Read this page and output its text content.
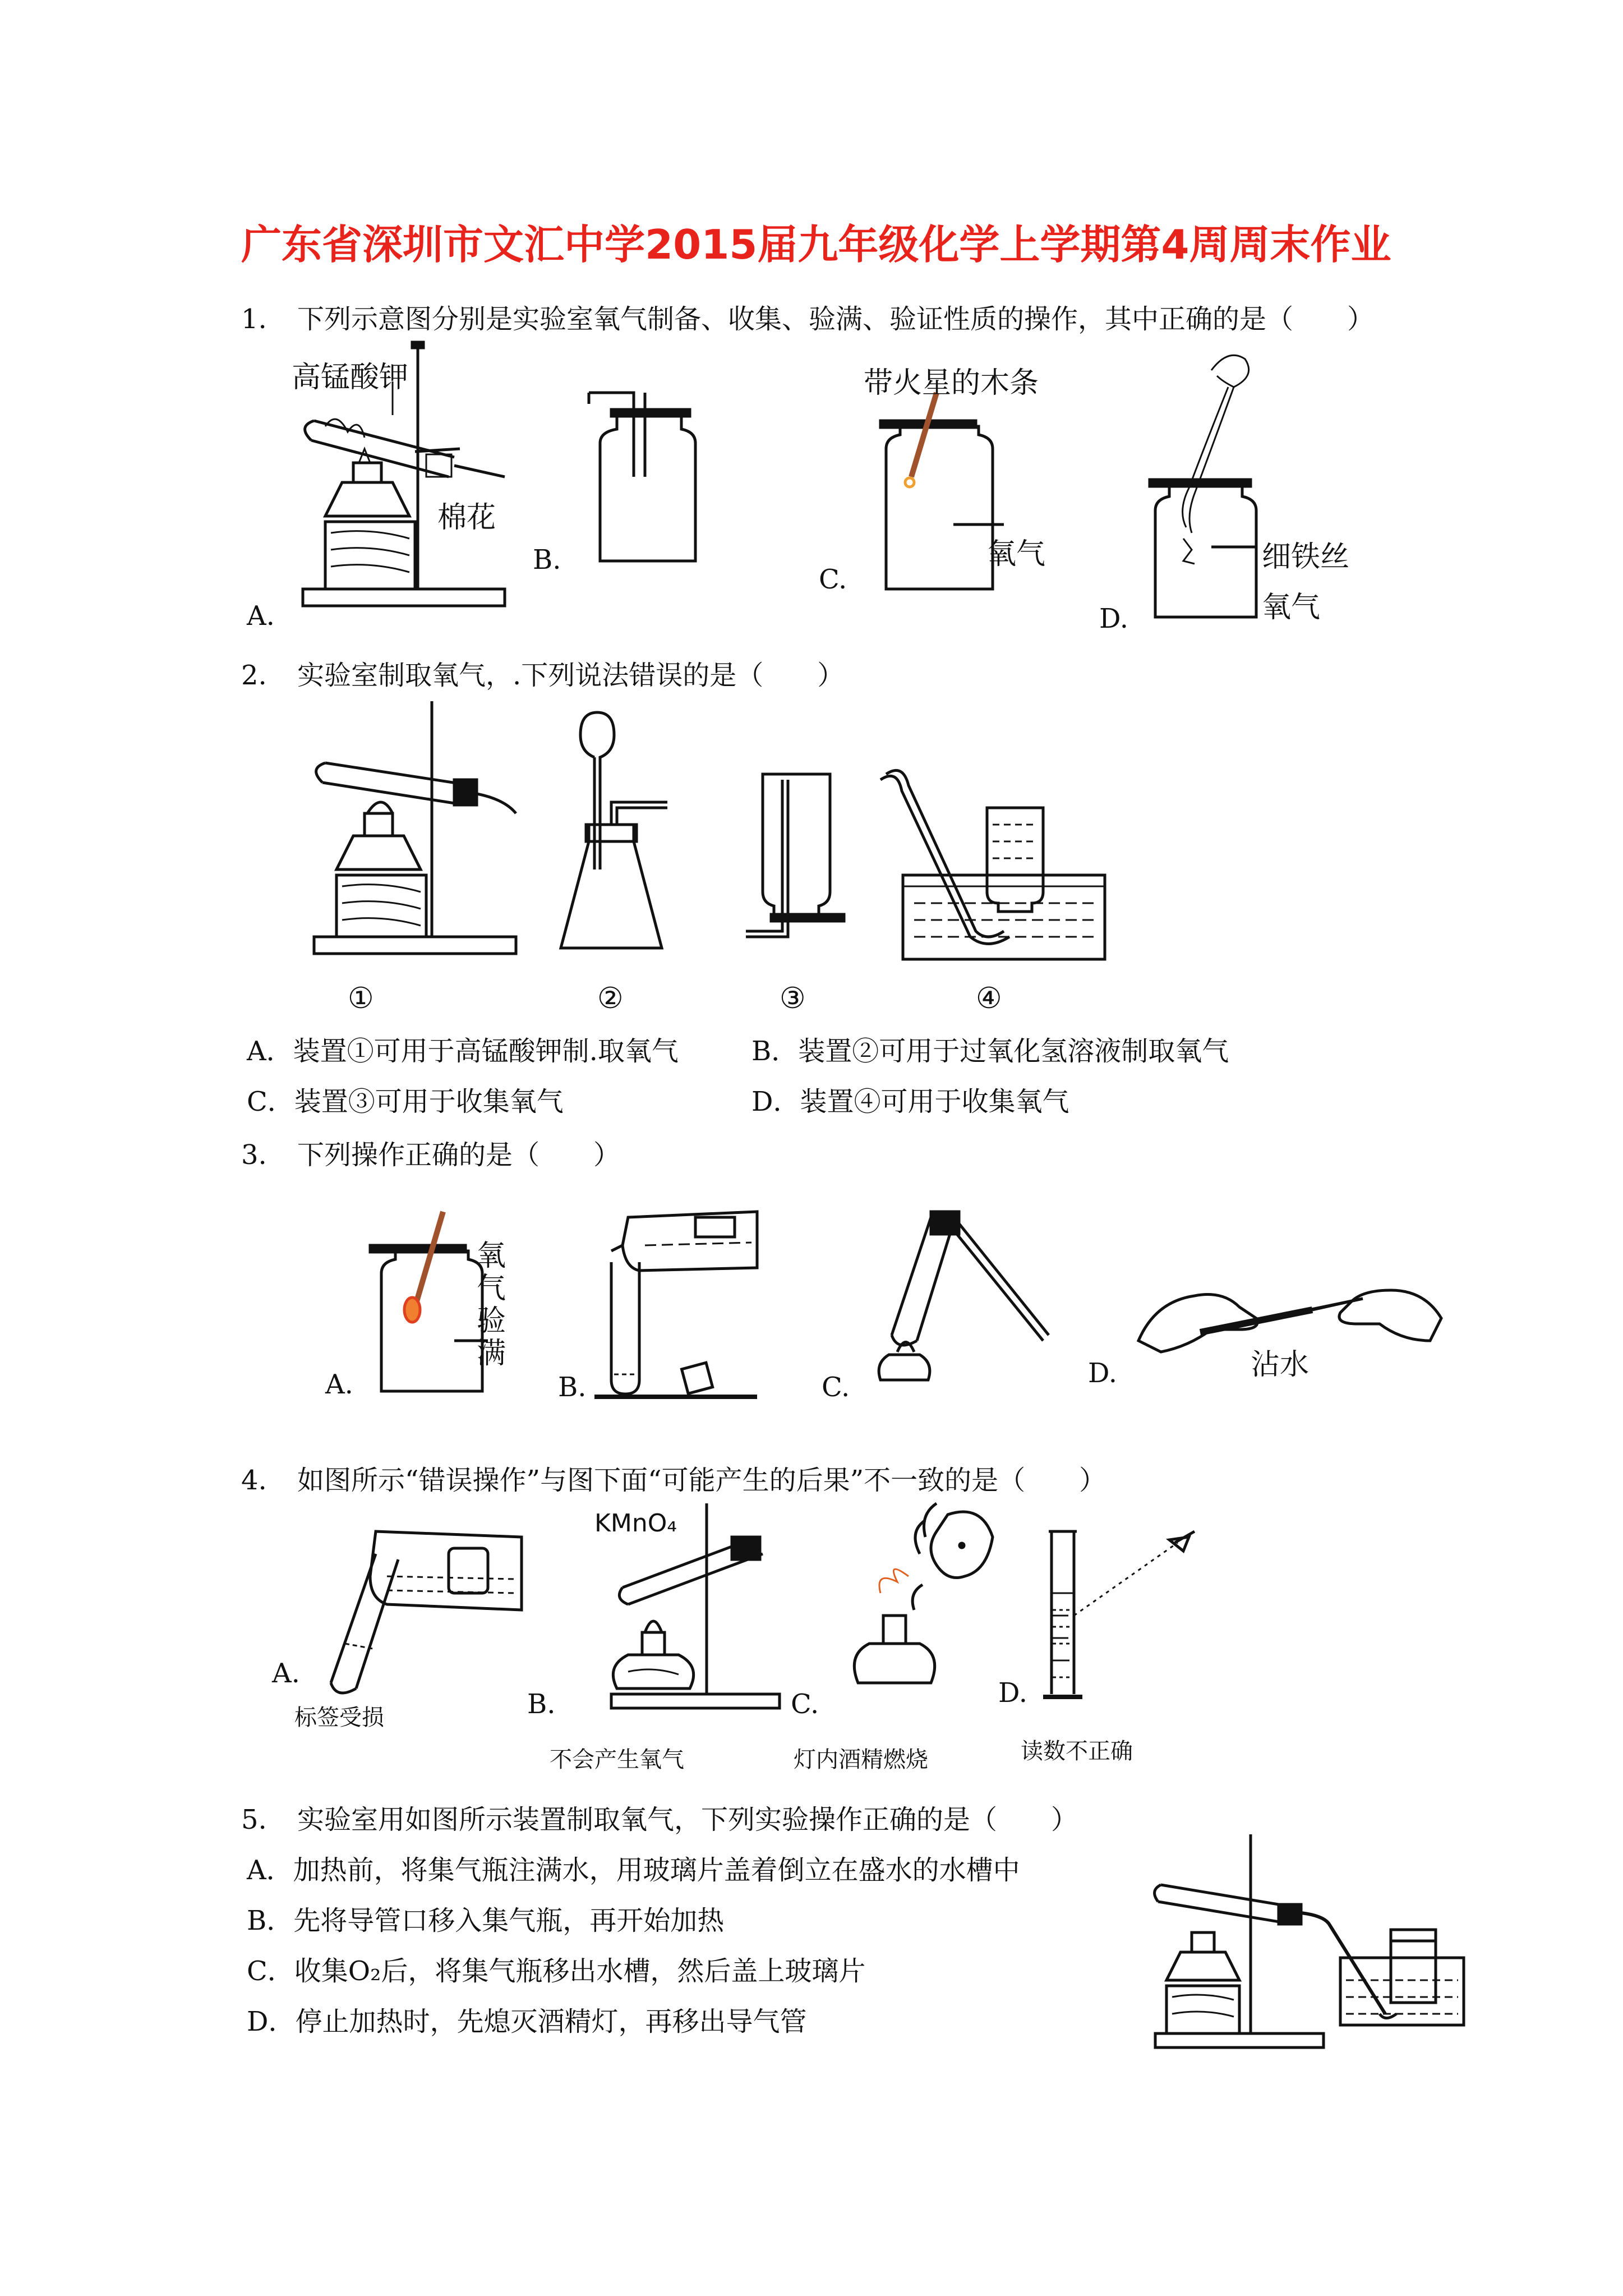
广东省深圳市文汇中学2015届九年级化学上学期第4周周末作业
1. 下列示意图分别是实验室氧气制备、收集、验满、验证性质的操作，其中正确的是（　　）
高锰酸钾
棉花
A.
B.
带火星的木条
氧气
C.
细铁丝
氧气
D.
2. 实验室制取氧气，.下列说法错误的是（　　）
①	②	③	④
A．装置①可用于高锰酸钾制.取氧气	B．装置②可用于过氧化氢溶液制取氧气
C．装置③可用于收集氧气	D．装置④可用于收集氧气
3. 下列操作正确的是（　　）
氧气验满
A.	B.	C.
沾水
D.
4. 如图所示“错误操作”与图下面“可能产生的后果”不一致的是（　　）
A.
标签受损
KMnO₄
B.
不会产生氧气
C.
灯内酒精燃烧
D.
读数不正确
5. 实验室用如图所示装置制取氧气，下列实验操作正确的是（　　）
A．加热前，将集气瓶注满水，用玻璃片盖着倒立在盛水的水槽中
B．先将导管口移入集气瓶，再开始加热
C．收集O₂后，将集气瓶移出水槽，然后盖上玻璃片
D．停止加热时，先熄灭酒精灯，再移出导气管
